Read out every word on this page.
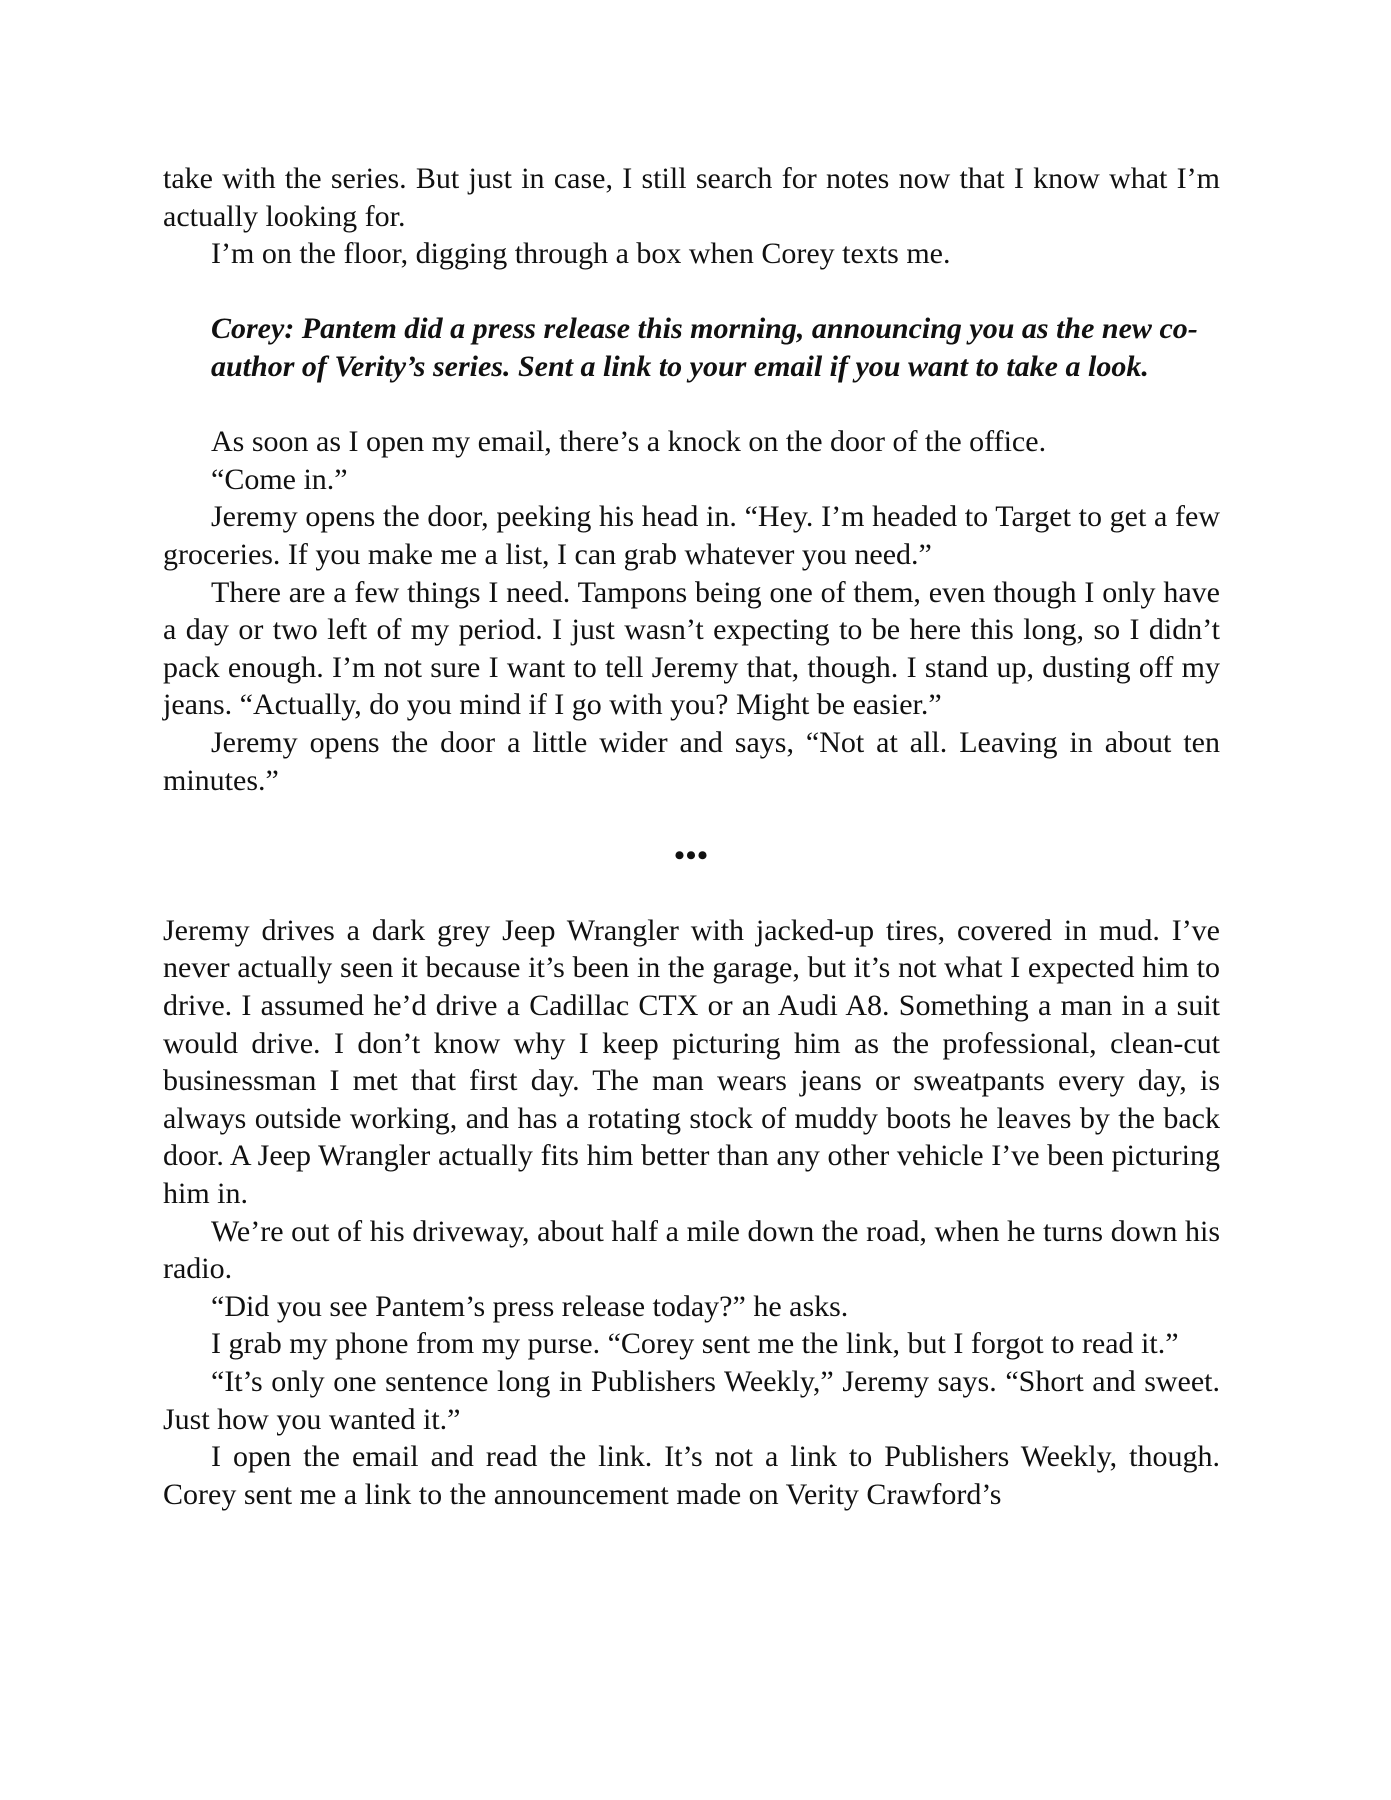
take with the series. But just in case, I still search for notes now that I know what I’m actually looking for.

I’m on the floor, digging through a box when Corey texts me.

Corey: Pantem did a press release this morning, announcing you as the new co-author of Verity’s series. Sent a link to your email if you want to take a look.

As soon as I open my email, there’s a knock on the door of the office.

“Come in.”

Jeremy opens the door, peeking his head in. “Hey. I’m headed to Target to get a few groceries. If you make me a list, I can grab whatever you need.”

There are a few things I need. Tampons being one of them, even though I only have a day or two left of my period. I just wasn’t expecting to be here this long, so I didn’t pack enough. I’m not sure I want to tell Jeremy that, though. I stand up, dusting off my jeans. “Actually, do you mind if I go with you? Might be easier.”

Jeremy opens the door a little wider and says, “Not at all. Leaving in about ten minutes.”

•••

Jeremy drives a dark grey Jeep Wrangler with jacked-up tires, covered in mud. I’ve never actually seen it because it’s been in the garage, but it’s not what I expected him to drive. I assumed he’d drive a Cadillac CTX or an Audi A8. Something a man in a suit would drive. I don’t know why I keep picturing him as the professional, clean-cut businessman I met that first day. The man wears jeans or sweatpants every day, is always outside working, and has a rotating stock of muddy boots he leaves by the back door. A Jeep Wrangler actually fits him better than any other vehicle I’ve been picturing him in.

We’re out of his driveway, about half a mile down the road, when he turns down his radio.

“Did you see Pantem’s press release today?” he asks.

I grab my phone from my purse. “Corey sent me the link, but I forgot to read it.”

“It’s only one sentence long in Publishers Weekly,” Jeremy says. “Short and sweet. Just how you wanted it.”

I open the email and read the link. It’s not a link to Publishers Weekly, though. Corey sent me a link to the announcement made on Verity Crawford’s
